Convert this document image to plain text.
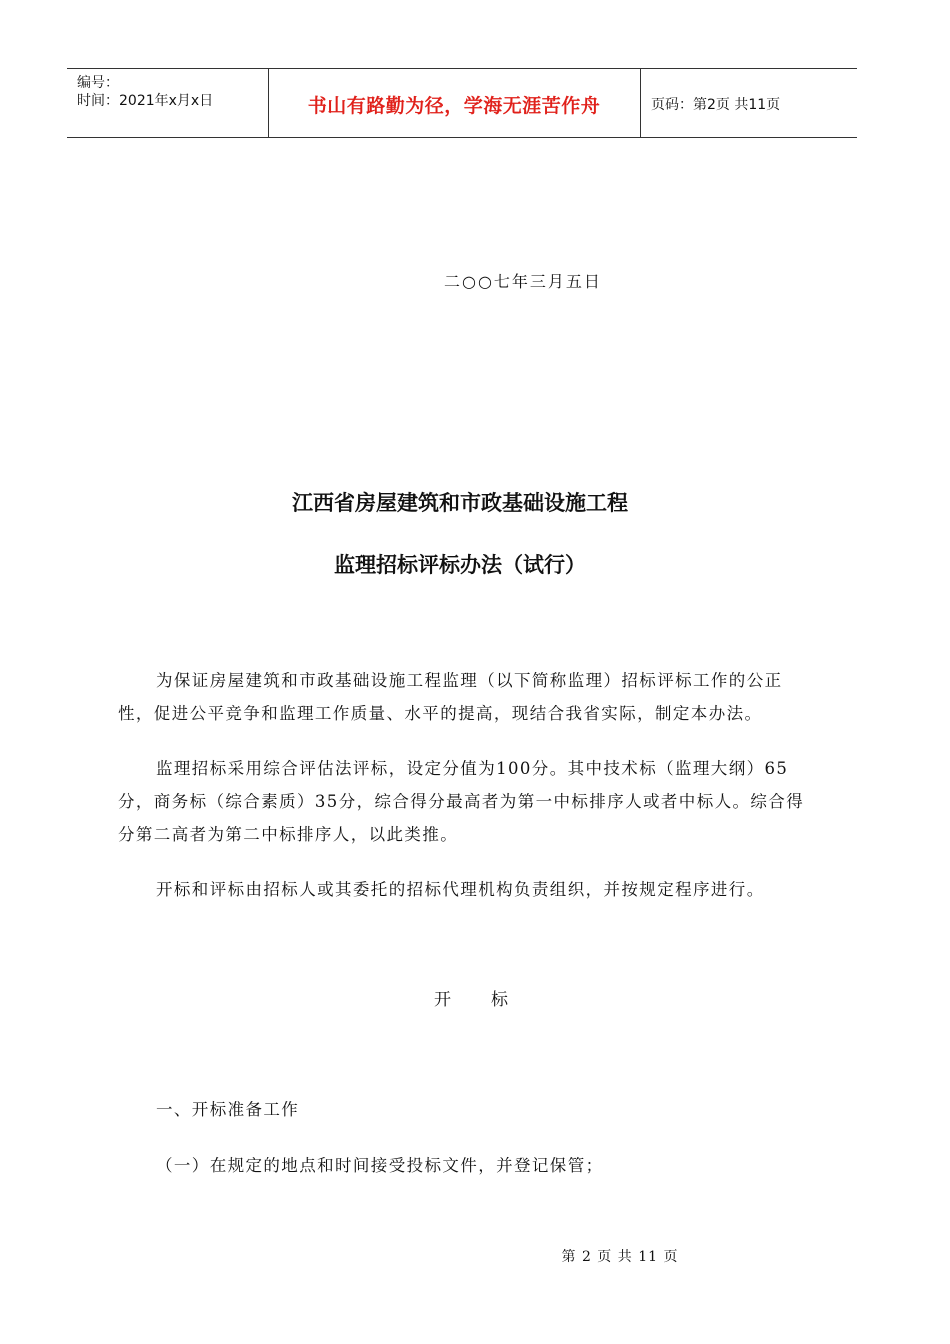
编号：
时间：2021年x月x日	书山有路勤为径，学海无涯苦作舟	页码：第2页 共11页
二○○七年三月五日
江西省房屋建筑和市政基础设施工程
监理招标评标办法（试行）
为保证房屋建筑和市政基础设施工程监理（以下简称监理）招标评标工作的公正性，促进公平竞争和监理工作质量、水平的提高，现结合我省实际，制定本办法。
监理招标采用综合评估法评标，设定分值为100分。其中技术标（监理大纲）65分，商务标（综合素质）35分，综合得分最高者为第一中标排序人或者中标人。综合得分第二高者为第二中标排序人，以此类推。
开标和评标由招标人或其委托的招标代理机构负责组织，并按规定程序进行。
开 标
一、开标准备工作
（一）在规定的地点和时间接受投标文件，并登记保管；
第 2 页 共 11 页
